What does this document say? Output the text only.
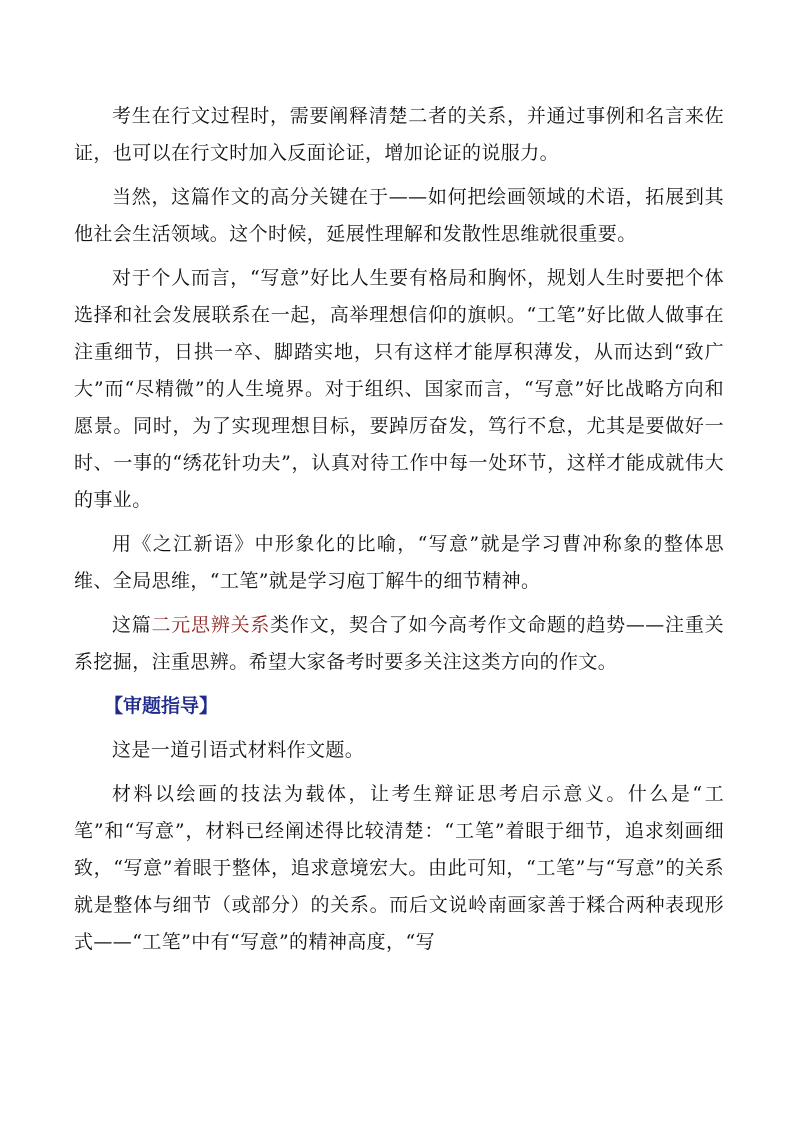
考生在行文过程时，需要阐释清楚二者的关系，并通过事例和名言来佐证，也可以在行文时加入反面论证，增加论证的说服力。

当然，这篇作文的高分关键在于——如何把绘画领域的术语，拓展到其他社会生活领域。这个时候，延展性理解和发散性思维就很重要。

对于个人而言，“写意”好比人生要有格局和胸怀，规划人生时要把个体选择和社会发展联系在一起，高举理想信仰的旗帜。“工笔”好比做人做事在注重细节，日拱一卒、脚踏实地，只有这样才能厚积薄发，从而达到“致广大”而“尽精微”的人生境界。对于组织、国家而言，“写意”好比战略方向和愿景。同时，为了实现理想目标，要踔厉奋发，笃行不怠，尤其是要做好一时、一事的“绣花针功夫”，认真对待工作中每一处环节，这样才能成就伟大的事业。

用《之江新语》中形象化的比喻，“写意”就是学习曹冲称象的整体思维、全局思维，“工笔”就是学习庖丁解牛的细节精神。

这篇二元思辨关系类作文，契合了如今高考作文命题的趋势——注重关系挖掘，注重思辨。希望大家备考时要多关注这类方向的作文。

【审题指导】

这是一道引语式材料作文题。

材料以绘画的技法为载体，让考生辩证思考启示意义。什么是“工笔”和“写意”，材料已经阐述得比较清楚：“工笔”着眼于细节，追求刻画细致，“写意”着眼于整体，追求意境宏大。由此可知，“工笔”与“写意”的关系就是整体与细节（或部分）的关系。而后文说岭南画家善于糅合两种表现形式——“工笔”中有“写意”的精神高度，“写
